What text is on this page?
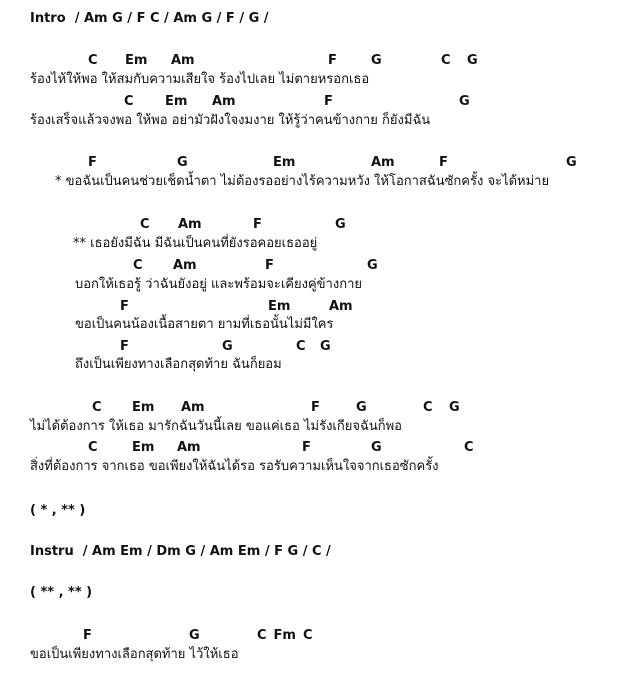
Intro  / Am G / F C / Am G / F / G /
C Em Am	F	G	C G
ร้องไห้ให้พอ ให้สมกับความเสียใจ ร้องไปเลย ไม่ตายหรอกเธอ
C Em Am	F	G
ร้องเสร็จแล้วจงพอ ให้พอ อย่ามัวฝังใจงมงาย ให้รู้ว่าคนข้างกาย ก็ยังมีฉัน
F	G	Em	Am	F	G
* ขอฉันเป็นคนช่วยเช็ดน้ำตา ไม่ต้องรออย่างไร้ความหวัง ให้โอกาสฉันซักครั้ง จะได้หม่าย
C Am	F	G
** เธอยังมีฉัน มีฉันเป็นคนที่ยังรอคอยเธออยู่
C Am	F	G
บอกให้เธอรู้ ว่าฉันยังอยู่ และพร้อมจะเคียงคู่ข้างกาย
F	Em	Am
ขอเป็นคนน้องเนื้อสายตา ยามที่เธอนั้นไม่มีใคร
F	G	C G
ถึงเป็นเพียงทางเลือกสุดท้าย ฉันก็ยอม
C Em Am	F	G	C G
ไม่ได้ต้องการ ให้เธอ มารักฉันวันนี้เลย ขอแค่เธอ ไม่รังเกียจฉันก็พอ
C	Em Am	F	G	C
สิ่งที่ต้องการ จากเธอ ขอเพียงให้ฉันได้รอ รอรับความเห็นใจจากเธอซักครั้ง
( * , ** )
Instru  / Am Em / Dm G / Am Em / F G / C /
( ** , ** )
F	G	C Fm C
ขอเป็นเพียงทางเลือกสุดท้าย ไว้ให้เธอ
